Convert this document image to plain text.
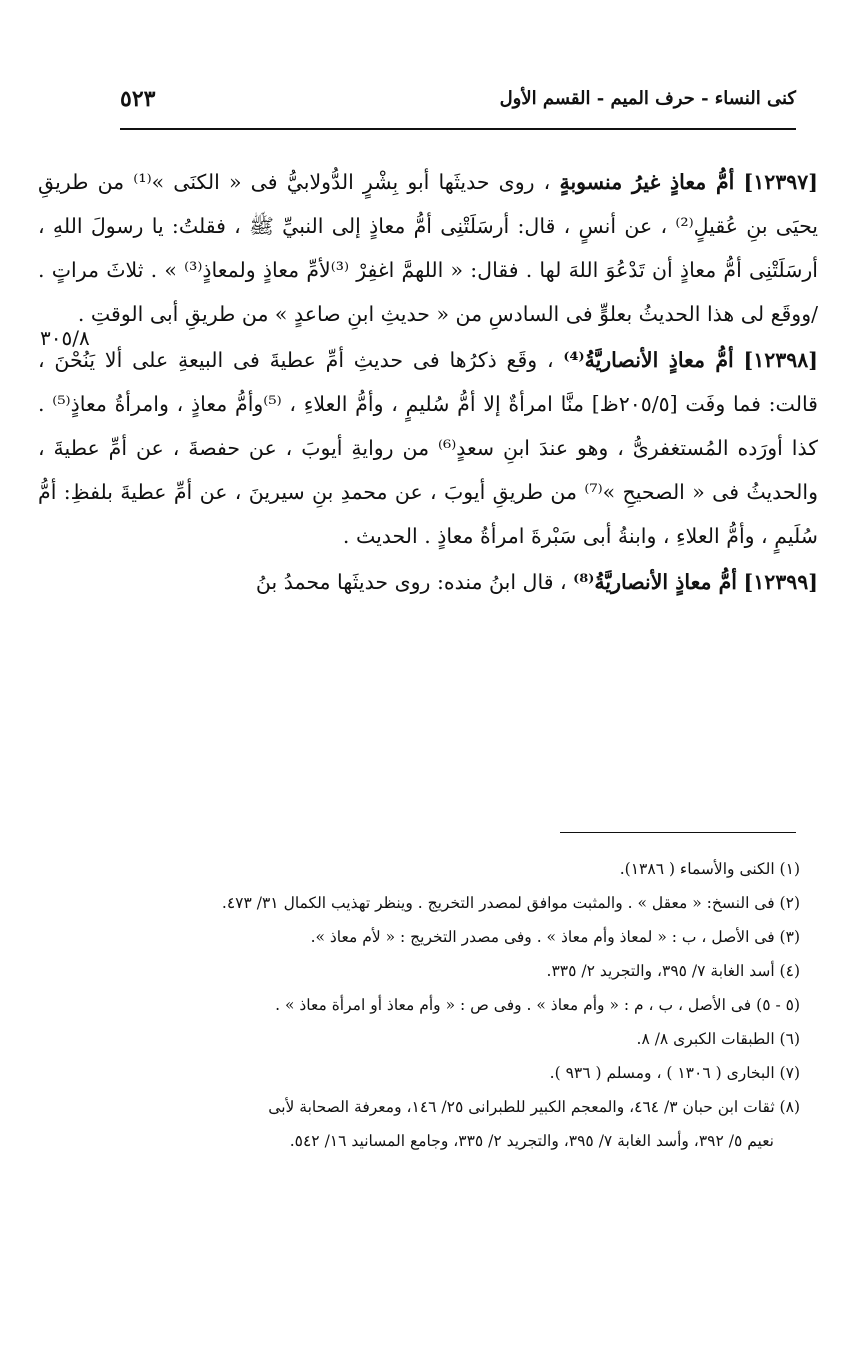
٥٢٣	كنى النساء - حرف الميم - القسم الأول
٣٠٥/٨

[١٢٣٩٧] أمُّ معاذٍ غيرُ منسوبةٍ ، روى حديثَها أبو بِشْرٍ الدُّولابيُّ فى « الكنَى »⁽¹⁾ من طريقِ يحيَى بنِ عُقيلٍ⁽²⁾ ، عن أنسٍ ، قال: أرسَلَتْنِى أمُّ معاذٍ إلى النبيِّ ﷺ ، فقلتُ: يا رسولَ اللهِ ، أرسَلَتْنِى أمُّ معاذٍ أن تَدْعُوَ اللهَ لها . فقال: « اللهمَّ اغفِرْ ⁽³⁾لأمِّ معاذٍ ولمعاذٍ⁽³⁾ » . ثلاثَ مراتٍ . /ووقَع لى هذا الحديثُ بعلوٍّ فى السادسِ من « حديثِ ابنِ صاعدٍ » من طريقِ أبى الوقتِ .

[١٢٣٩٨] أمُّ معاذٍ الأنصاريَّةُ⁽⁴⁾ ، وقَع ذكرُها فى حديثِ أمِّ عطيةَ فى البيعةِ على ألا يَنُحْنَ ، قالت: فما وفَت [٢٠٥/٥ظ] منَّا امرأةٌ إلا أمُّ سُليمٍ ، وأمُّ العلاءِ ، ⁽⁵⁾وأمُّ معاذٍ ، وامرأةُ معاذٍ⁽⁵⁾ . كذا أورَده المُستغفرىُّ ، وهو عندَ ابنِ سعدٍ⁽⁶⁾ من روايةِ أيوبَ ، عن حفصةَ ، عن أمِّ عطيةَ ، والحديثُ فى « الصحيحِ »⁽⁷⁾ من طريقِ أيوبَ ، عن محمدِ بنِ سيرينَ ، عن أمِّ عطيةَ بلفظِ: أمُّ سُلَيمٍ ، وأمُّ العلاءِ ، وابنةُ أبى سَبْرةَ امرأةُ معاذٍ . الحديث .

[١٢٣٩٩] أمُّ معاذٍ الأنصاريَّةُ⁽⁸⁾ ، قال ابنُ منده: روى حديثَها محمدُ بنُ

(١) الكنى والأسماء ( ١٣٨٦).
(٢) فى النسخ: « معقل » . والمثبت موافق لمصدر التخريج . وينظر تهذيب الكمال ٣١/ ٤٧٣.
(٣) فى الأصل ، ب : « لمعاذ وأم معاذ » . وفى مصدر التخريج : « لأم معاذ ».
(٤) أسد الغابة ٧/ ٣٩٥، والتجريد ٢/ ٣٣٥.
(٥ - ٥) فى الأصل ، ب ، م : « وأم معاذ » . وفى ص : « وأم معاذ أو امرأة معاذ » .
(٦) الطبقات الكبرى ٨/ ٨.
(٧) البخارى ( ١٣٠٦ ) ، ومسلم ( ٩٣٦ ).
(٨) ثقات ابن حبان ٣/ ٤٦٤، والمعجم الكبير للطبرانى ٢٥/ ١٤٦، ومعرفة الصحابة لأبى
نعيم ٥/ ٣٩٢، وأسد الغابة ٧/ ٣٩٥، والتجريد ٢/ ٣٣٥، وجامع المسانيد ١٦/ ٥٤٢.
